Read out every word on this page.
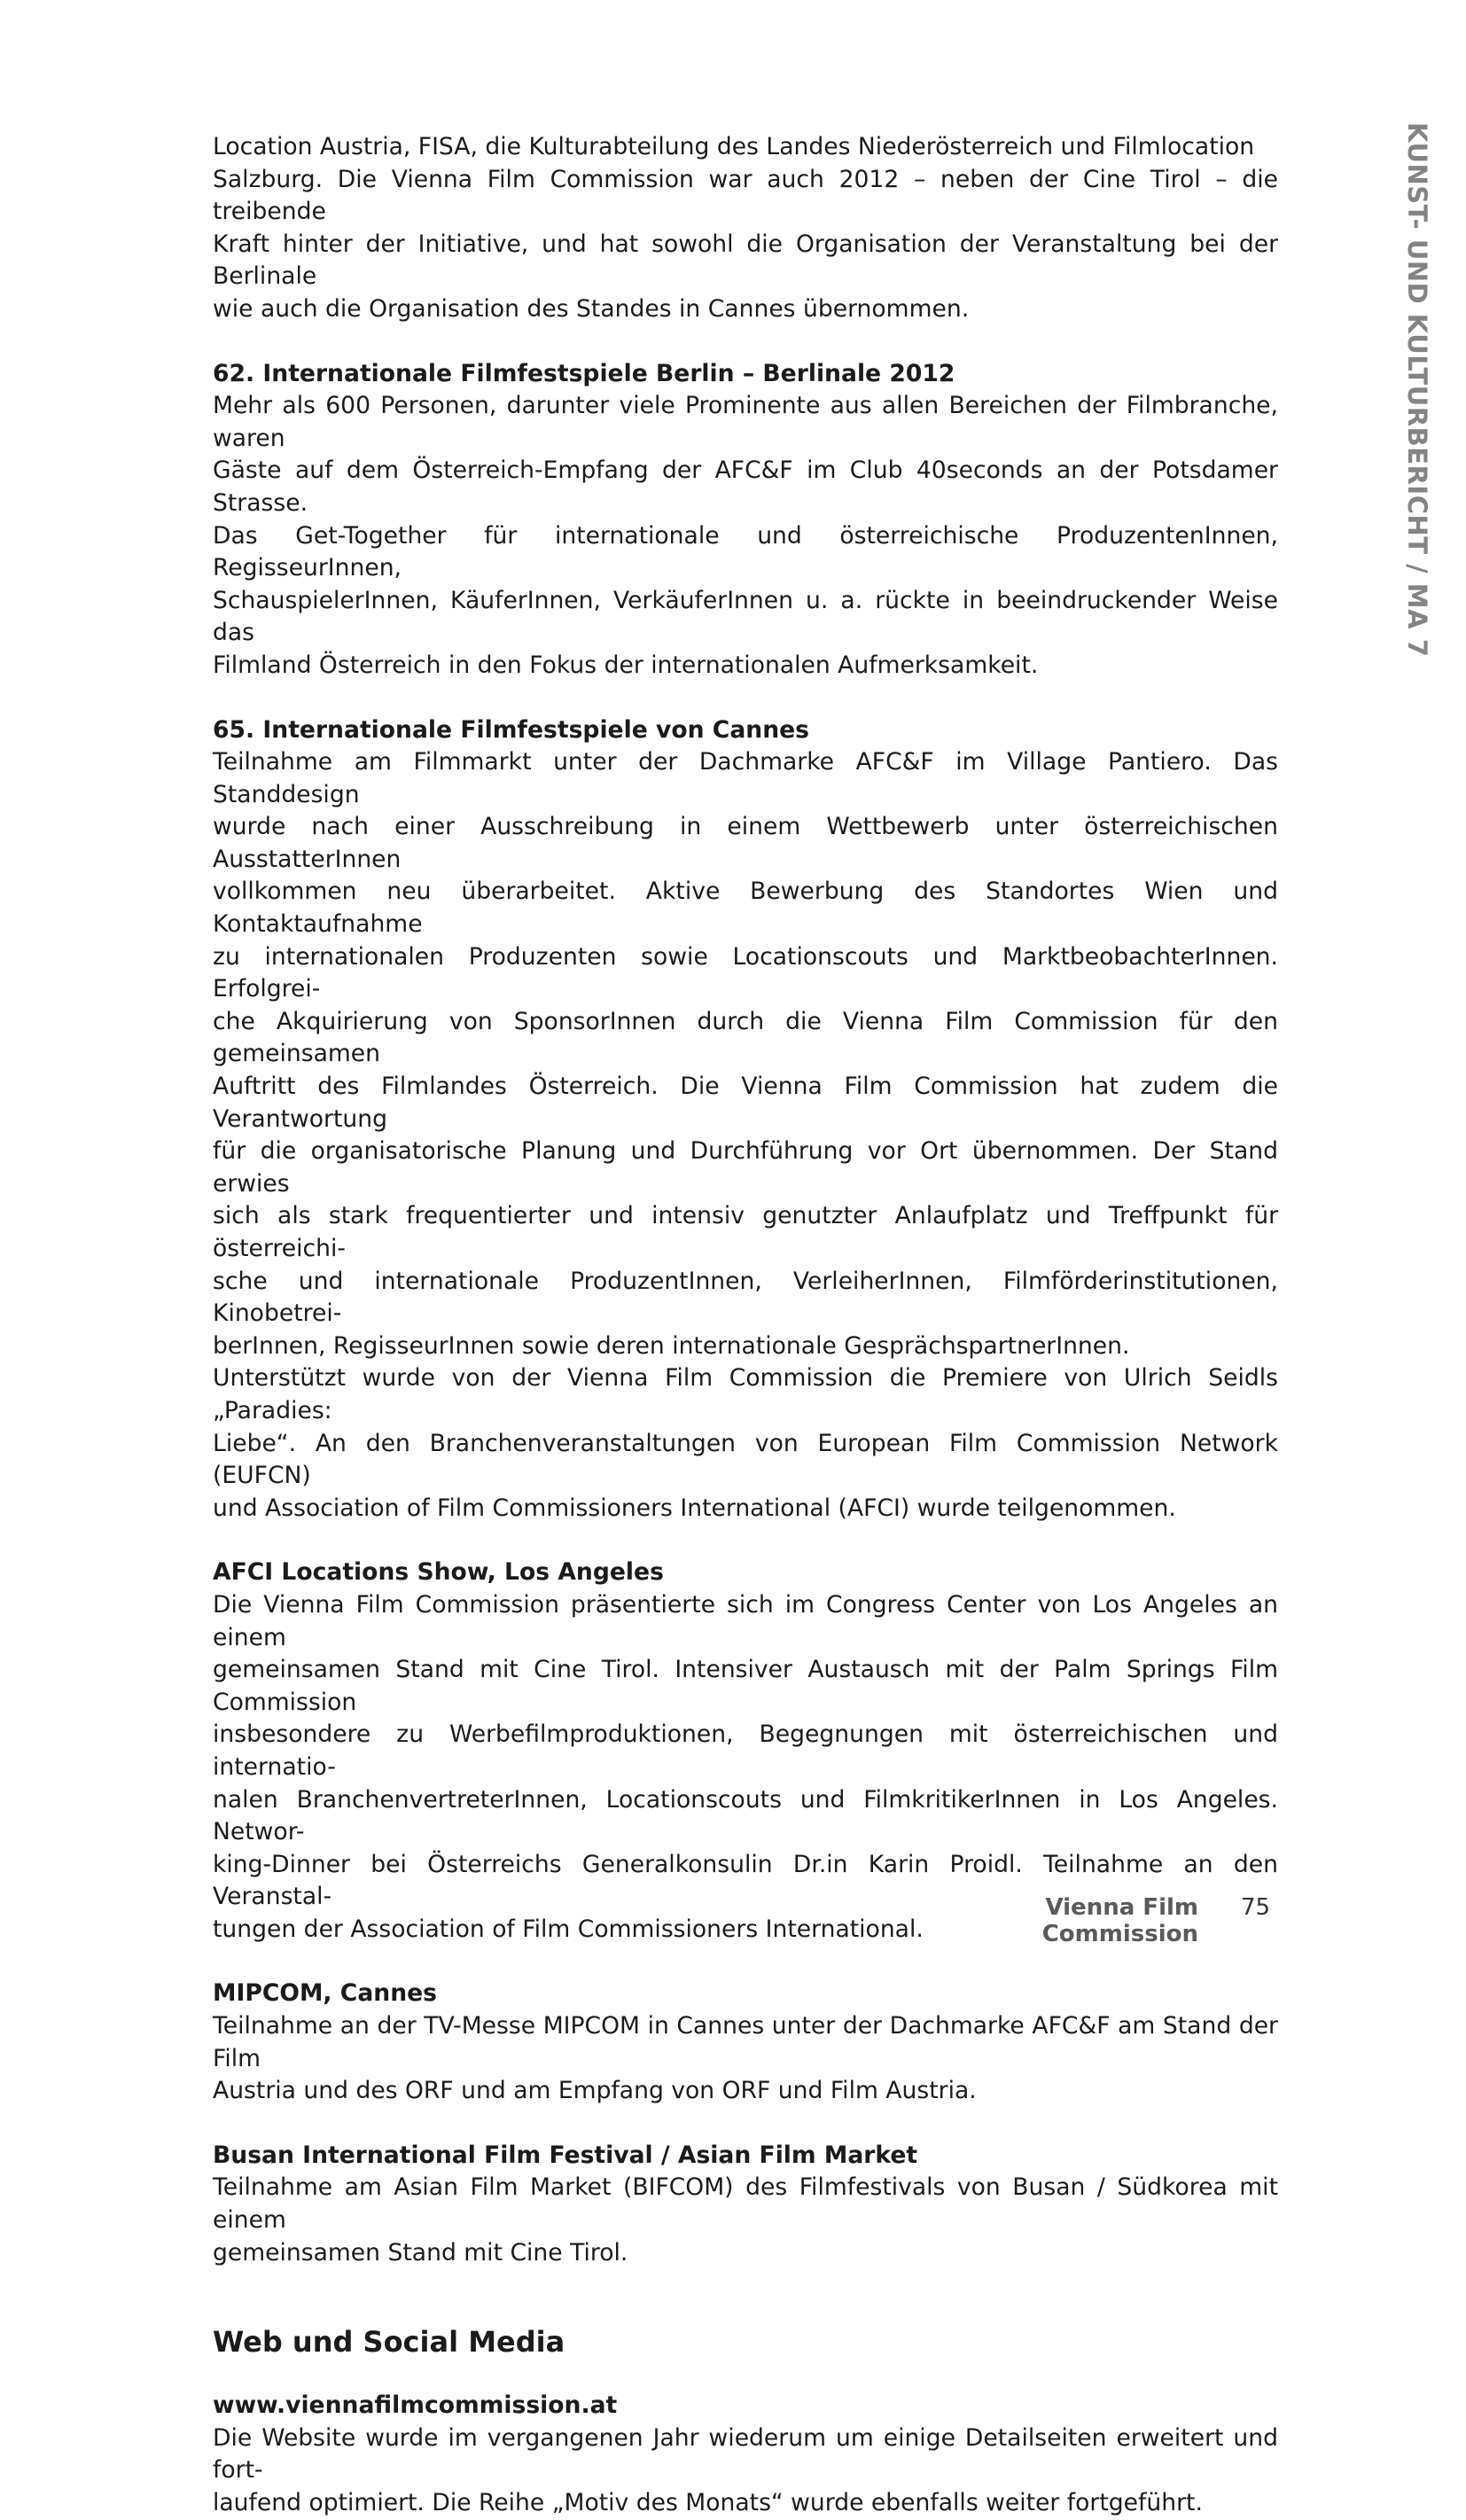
KUNST- UND KULTURBERICHT / MA 7

Location Austria, FISA, die Kulturabteilung des Landes Niederösterreich und Filmlocation

Salzburg. Die Vienna Film Commission war auch 2012 – neben der Cine Tirol – die treibende

Kraft hinter der Initiative, und hat sowohl die Organisation der Veranstaltung bei der Berlinale

wie auch die Organisation des Standes in Cannes übernommen.

62. Internationale Filmfestspiele Berlin – Berlinale 2012

Mehr als 600 Personen, darunter viele Prominente aus allen Bereichen der Filmbranche, waren

Gäste auf dem Österreich-Empfang der AFC&F im Club 40seconds an der Potsdamer Strasse.

Das Get-Together für internationale und österreichische ProduzentenInnen, RegisseurInnen,

SchauspielerInnen, KäuferInnen, VerkäuferInnen u. a. rückte in beeindruckender Weise das

Filmland Österreich in den Fokus der internationalen Aufmerksamkeit.

65. Internationale Filmfestspiele von Cannes

Teilnahme am Filmmarkt unter der Dachmarke AFC&F im Village Pantiero. Das Standdesign

wurde nach einer Ausschreibung in einem Wettbewerb unter österreichischen AusstatterInnen

vollkommen neu überarbeitet. Aktive Bewerbung des Standortes Wien und Kontaktaufnahme

zu internationalen Produzenten sowie Locationscouts und MarktbeobachterInnen. Erfolgrei-

che Akquirierung von SponsorInnen durch die Vienna Film Commission für den gemeinsamen

Auftritt des Filmlandes Österreich. Die Vienna Film Commission hat zudem die Verantwortung

für die organisatorische Planung und Durchführung vor Ort übernommen. Der Stand erwies

sich als stark frequentierter und intensiv genutzter Anlaufplatz und Treffpunkt für österreichi-

sche und internationale ProduzentInnen, VerleiherInnen, Filmförderinstitutionen, Kinobetrei-

berInnen, RegisseurInnen sowie deren internationale GesprächspartnerInnen.

Unterstützt wurde von der Vienna Film Commission die Premiere von Ulrich Seidls „Paradies:

Liebe“. An den Branchenveranstaltungen von European Film Commission Network (EUFCN)

und Association of Film Commissioners International (AFCI) wurde teilgenommen.

AFCI Locations Show, Los Angeles

Die Vienna Film Commission präsentierte sich im Congress Center von Los Angeles an einem

gemeinsamen Stand mit Cine Tirol. Intensiver Austausch mit der Palm Springs Film Commission

insbesondere zu Werbefilmproduktionen, Begegnungen mit österreichischen und internatio-

nalen BranchenvertreterInnen, Locationscouts und FilmkritikerInnen in Los Angeles. Networ-

king-Dinner bei Österreichs Generalkonsulin Dr.in Karin Proidl. Teilnahme an den Veranstal-

tungen der Association of Film Commissioners International.

MIPCOM, Cannes

Teilnahme an der TV-Messe MIPCOM in Cannes unter der Dachmarke AFC&F am Stand der Film

Austria und des ORF und am Empfang von ORF und Film Austria.

Busan International Film Festival / Asian Film Market

Teilnahme am Asian Film Market (BIFCOM) des Filmfestivals von Busan / Südkorea mit einem

gemeinsamen Stand mit Cine Tirol.

Web und Social Media

www.viennafilmcommission.at

Die Website wurde im vergangenen Jahr wiederum um einige Detailseiten erweitert und fort-

laufend optimiert. Die Reihe „Motiv des Monats“ wurde ebenfalls weiter fortgeführt.

Vienna Film Commission
75
